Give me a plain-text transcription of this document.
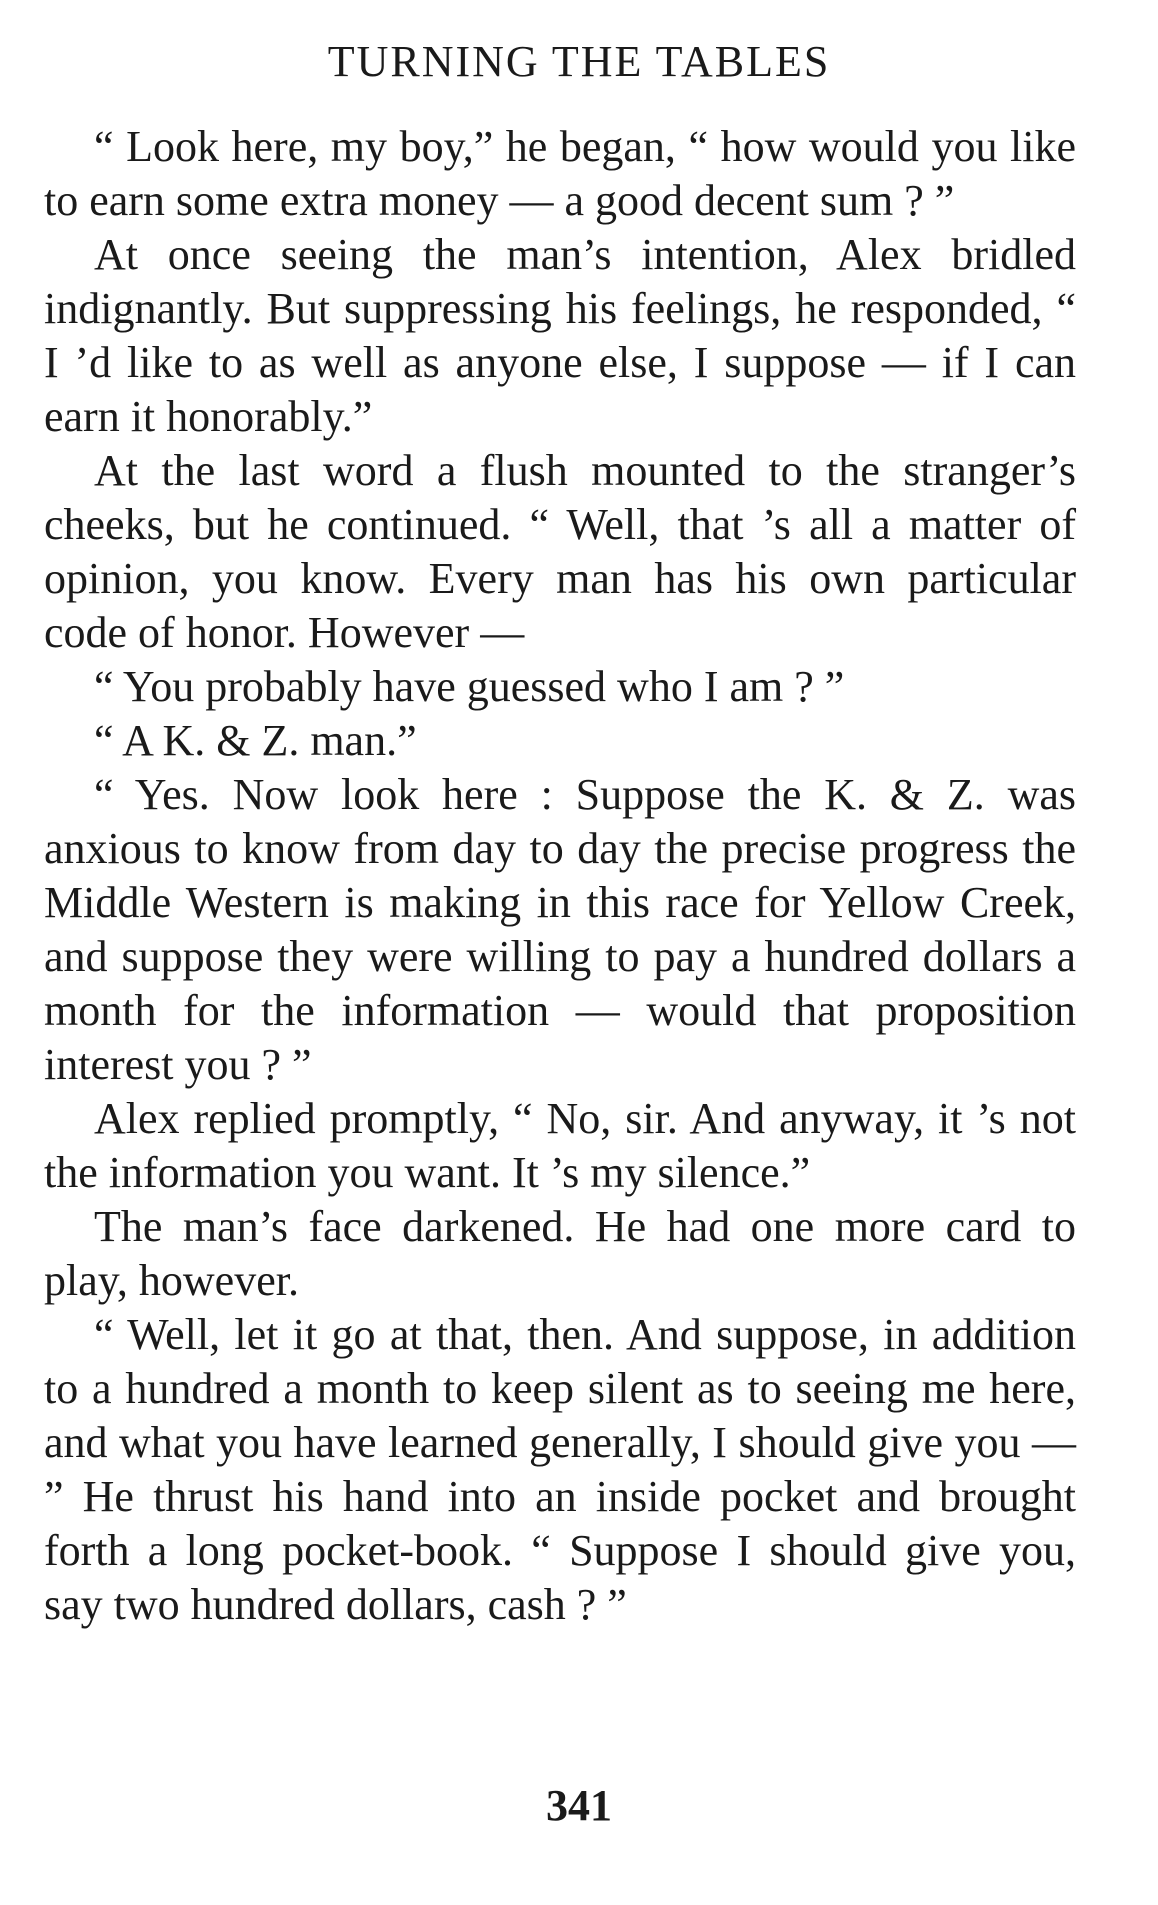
TURNING THE TABLES

“ Look here, my boy,” he began, “ how would you like to earn some extra money — a good decent sum ? ”

At once seeing the man’s intention, Alex bridled indignantly. But suppressing his feelings, he responded, “ I ’d like to as well as anyone else, I suppose — if I can earn it honorably.”

At the last word a flush mounted to the stranger’s cheeks, but he continued. “ Well, that ’s all a matter of opinion, you know. Every man has his own particular code of honor. However —

“ You probably have guessed who I am ? ”

“ A K. & Z. man.”

“ Yes. Now look here : Suppose the K. & Z. was anxious to know from day to day the precise progress the Middle Western is making in this race for Yellow Creek, and suppose they were willing to pay a hundred dollars a month for the information — would that proposition interest you ? ”

Alex replied promptly, “ No, sir. And anyway, it ’s not the information you want. It ’s my silence.”

The man’s face darkened. He had one more card to play, however.

“ Well, let it go at that, then. And suppose, in addition to a hundred a month to keep silent as to seeing me here, and what you have learned generally, I should give you — ” He thrust his hand into an inside pocket and brought forth a long pocket-book. “ Suppose I should give you, say two hundred dollars, cash ? ”

341
